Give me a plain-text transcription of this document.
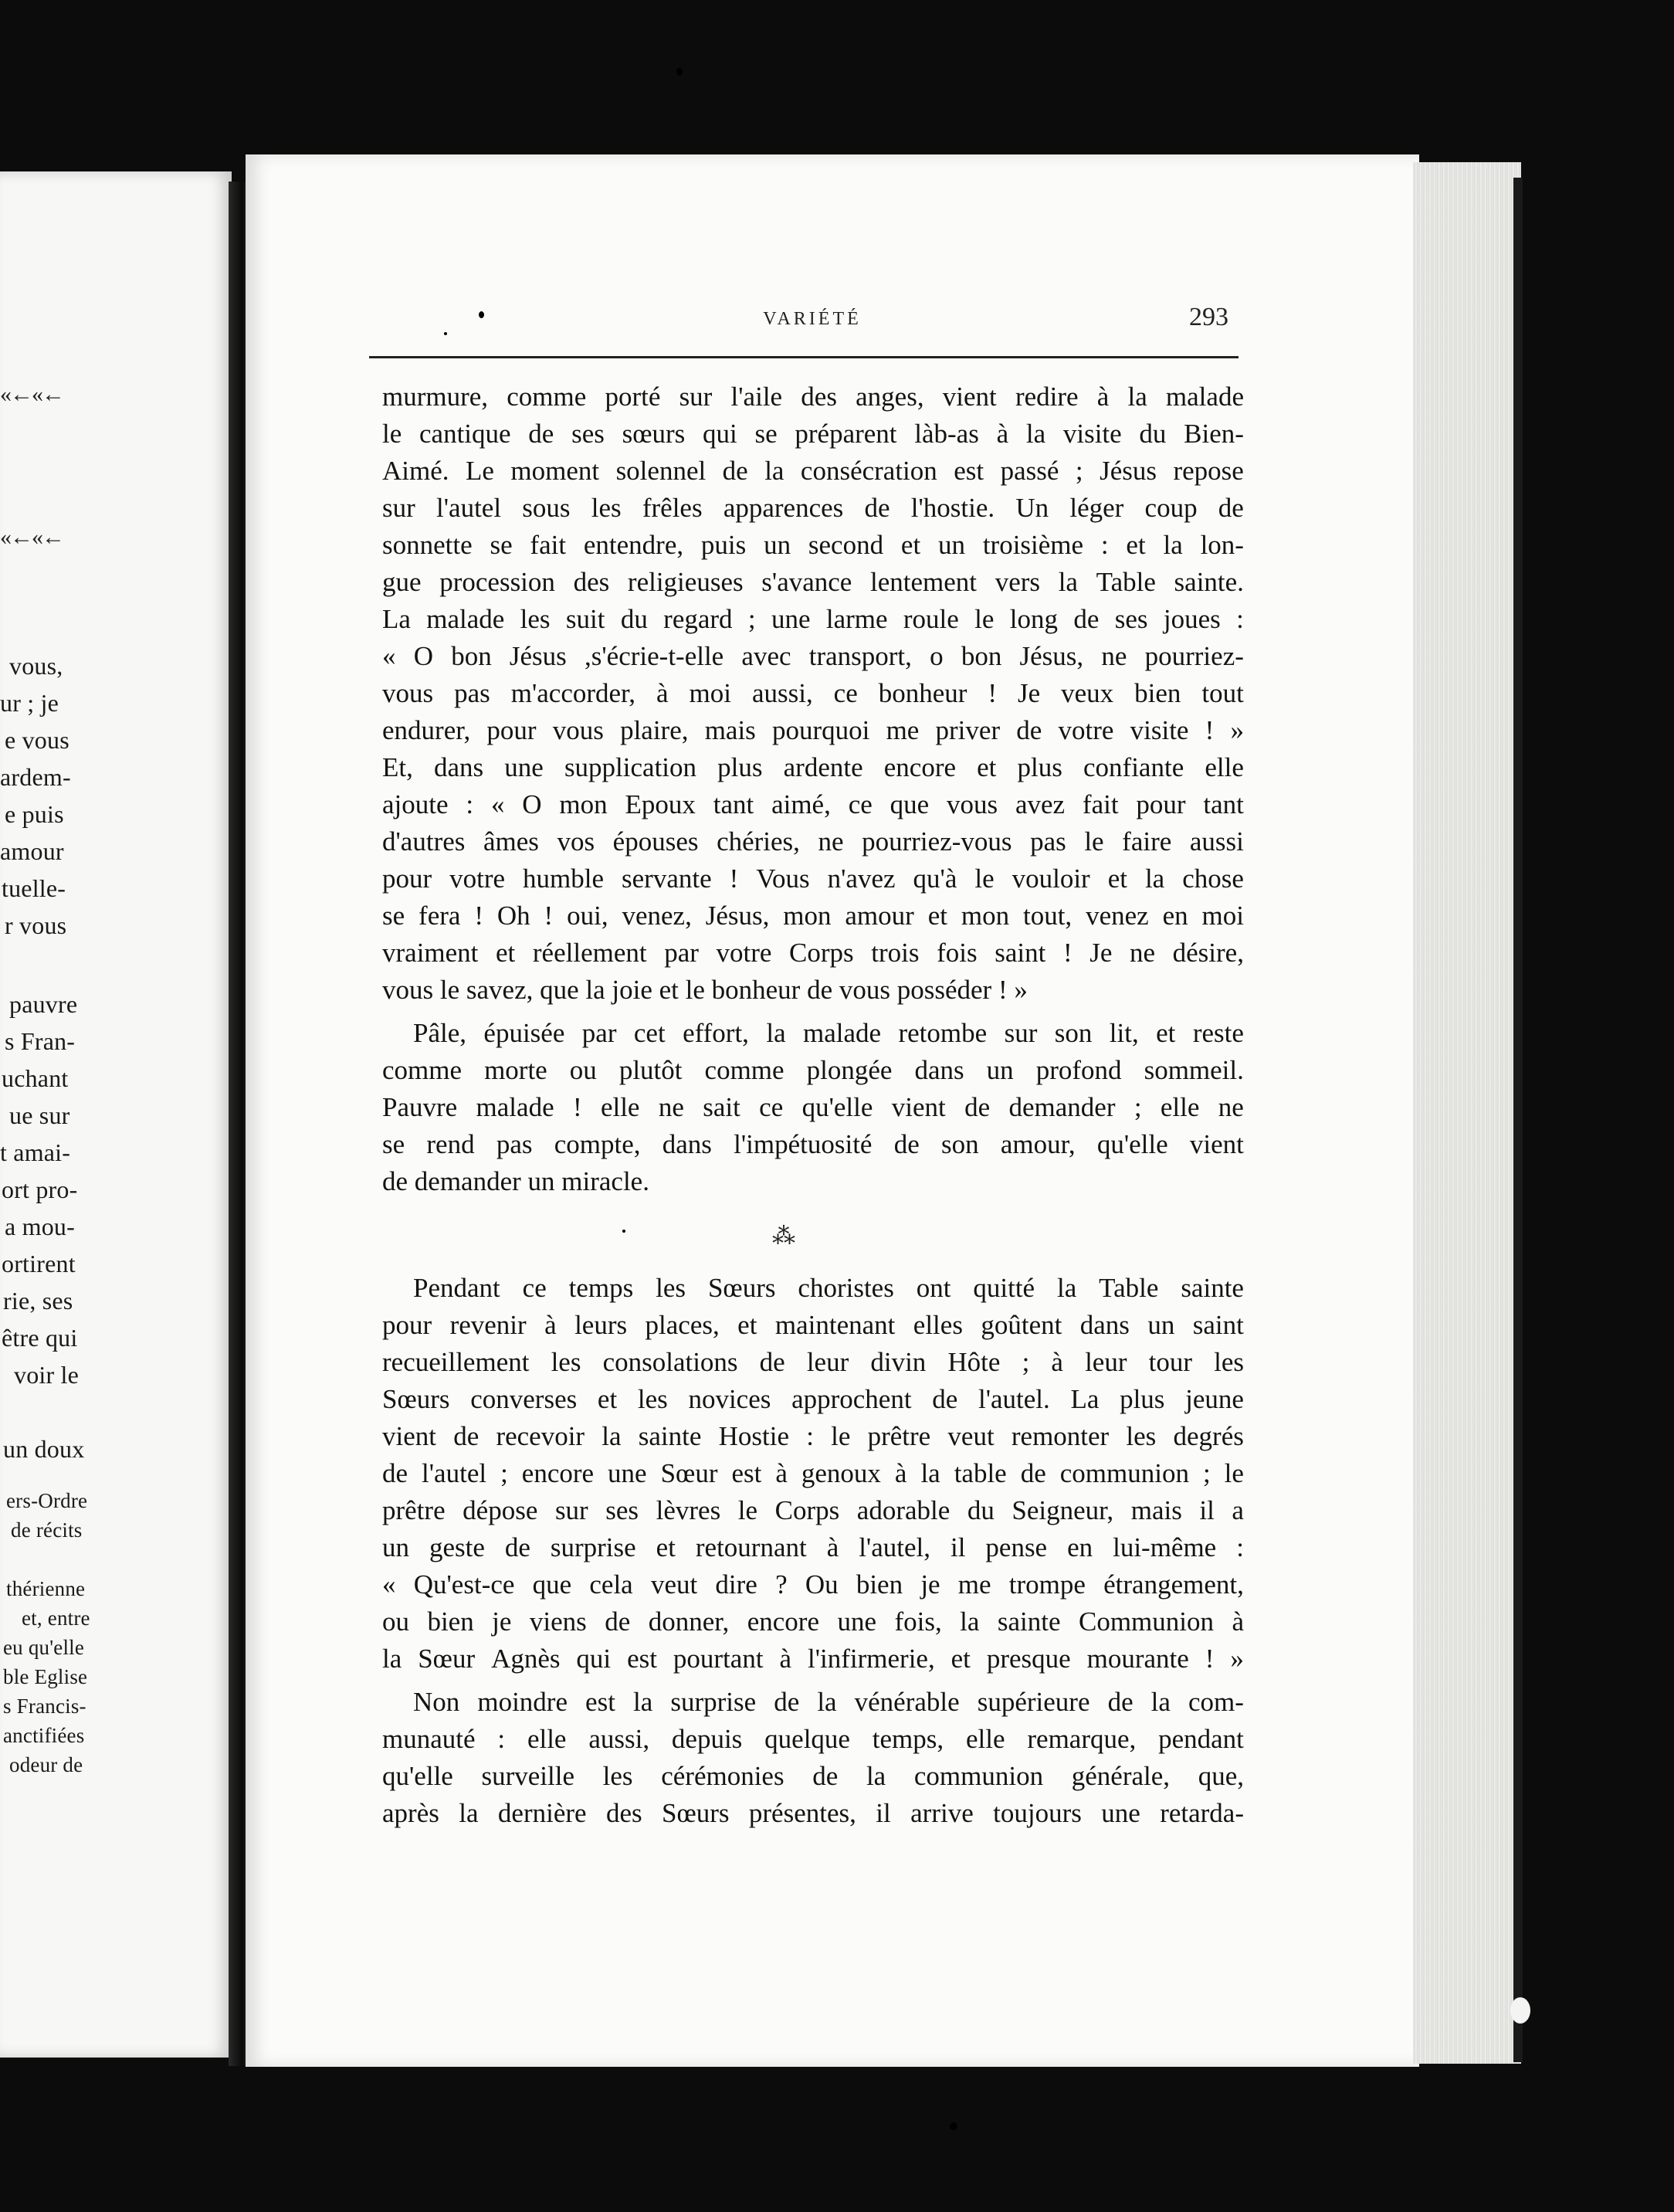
«←«←
«←«←
vous,
ur ; je
e vous
ardem-
e puis
amour
tuelle-
r vous
pauvre
s Fran-
uchant
ue sur
t amai-
ort pro-
a mou-
ortirent
rie, ses
être qui
voir le
un doux
ers-Ordre
de récits
thérienne
et, entre
eu qu'elle
ble Eglise
s Francis-
anctifiées
odeur de
VARIÉTÉ	293
murmure, comme porté sur l'aile des anges, vient redire à la malade
le cantique de ses sœurs qui se préparent làb-as à la visite du Bien-
Aimé. Le moment solennel de la consécration est passé ; Jésus repose
sur l'autel sous les frêles apparences de l'hostie. Un léger coup de
sonnette se fait entendre, puis un second et un troisième : et la lon-
gue procession des religieuses s'avance lentement vers la Table sainte.
La malade les suit du regard ; une larme roule le long de ses joues :
« O bon Jésus ,s'écrie-t-elle avec transport, o bon Jésus, ne pourriez-
vous pas m'accorder, à moi aussi, ce bonheur ! Je veux bien tout
endurer, pour vous plaire, mais pourquoi me priver de votre visite ! »
Et, dans une supplication plus ardente encore et plus confiante elle
ajoute : « O mon Epoux tant aimé, ce que vous avez fait pour tant
d'autres âmes vos épouses chéries, ne pourriez-vous pas le faire aussi
pour votre humble servante ! Vous n'avez qu'à le vouloir et la chose
se fera ! Oh ! oui, venez, Jésus, mon amour et mon tout, venez en moi
vraiment et réellement par votre Corps trois fois saint ! Je ne désire,
vous le savez, que la joie et le bonheur de vous posséder ! »
Pâle, épuisée par cet effort, la malade retombe sur son lit, et reste
comme morte ou plutôt comme plongée dans un profond sommeil.
Pauvre malade ! elle ne sait ce qu'elle vient de demander ; elle ne
se rend pas compte, dans l'impétuosité de son amour, qu'elle vient
de demander un miracle.
⁂
Pendant ce temps les Sœurs choristes ont quitté la Table sainte
pour revenir à leurs places, et maintenant elles goûtent dans un saint
recueillement les consolations de leur divin Hôte ; à leur tour les
Sœurs converses et les novices approchent de l'autel. La plus jeune
vient de recevoir la sainte Hostie : le prêtre veut remonter les degrés
de l'autel ; encore une Sœur est à genoux à la table de communion ; le
prêtre dépose sur ses lèvres le Corps adorable du Seigneur, mais il a
un geste de surprise et retournant à l'autel, il pense en lui-même :
« Qu'est-ce que cela veut dire ? Ou bien je me trompe étrangement,
ou bien je viens de donner, encore une fois, la sainte Communion à
la Sœur Agnès qui est pourtant à l'infirmerie, et presque mourante ! »
Non moindre est la surprise de la vénérable supérieure de la com-
munauté : elle aussi, depuis quelque temps, elle remarque, pendant
qu'elle surveille les cérémonies de la communion générale, que,
après la dernière des Sœurs présentes, il arrive toujours une retarda-
